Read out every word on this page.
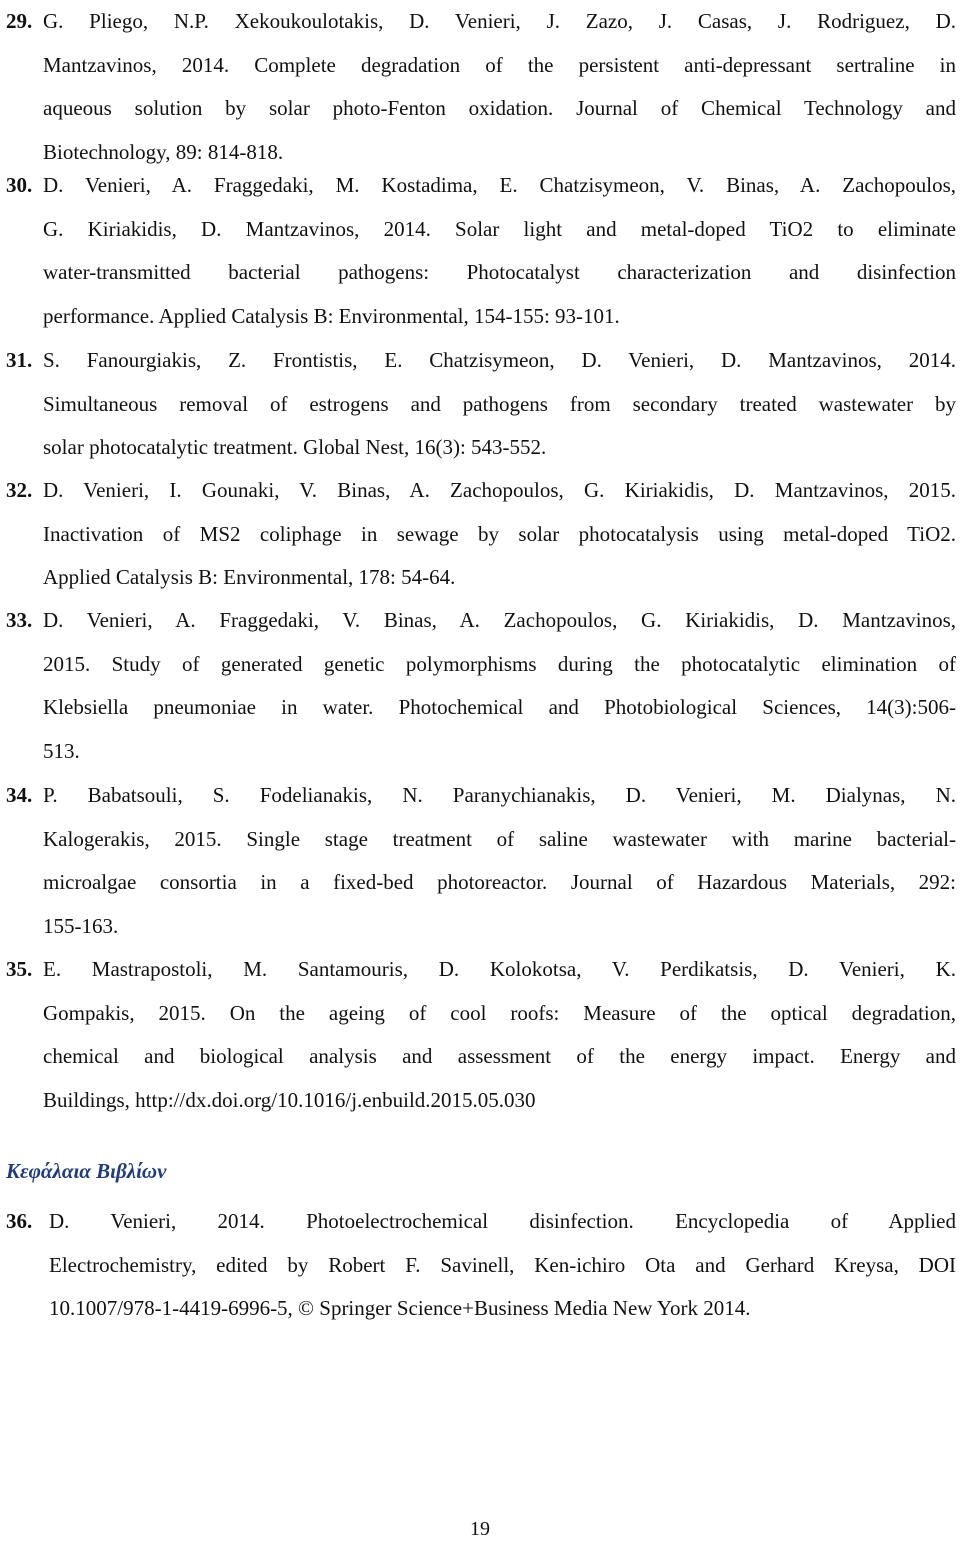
29. G. Pliego, N.P. Xekoukoulotakis, D. Venieri, J. Zazo, J. Casas, J. Rodriguez, D.
Mantzavinos, 2014. Complete degradation of the persistent anti-depressant sertraline in
aqueous solution by solar photo-Fenton oxidation. Journal of Chemical Technology and
Biotechnology, 89: 814-818.
30. D. Venieri, A. Fraggedaki, M. Kostadima, E. Chatzisymeon, V. Binas, A. Zachopoulos,
G. Kiriakidis, D. Mantzavinos, 2014. Solar light and metal-doped TiO2 to eliminate
water-transmitted bacterial pathogens: Photocatalyst characterization and disinfection
performance. Applied Catalysis B: Environmental, 154-155: 93-101.
31. S. Fanourgiakis, Z. Frontistis, E. Chatzisymeon, D. Venieri, D. Mantzavinos, 2014.
Simultaneous removal of estrogens and pathogens from secondary treated wastewater by
solar photocatalytic treatment. Global Nest, 16(3): 543-552.
32. D. Venieri, I. Gounaki, V. Binas, A. Zachopoulos, G. Kiriakidis, D. Mantzavinos, 2015.
Inactivation of MS2 coliphage in sewage by solar photocatalysis using metal-doped TiO2.
Applied Catalysis B: Environmental, 178: 54-64.
33. D. Venieri, A. Fraggedaki, V. Binas, A. Zachopoulos, G. Kiriakidis, D. Mantzavinos,
2015. Study of generated genetic polymorphisms during the photocatalytic elimination of
Klebsiella pneumoniae in water. Photochemical and Photobiological Sciences, 14(3):506-
513.
34. P. Babatsouli, S. Fodelianakis, N. Paranychianakis, D. Venieri, M. Dialynas, N.
Kalogerakis, 2015. Single stage treatment of saline wastewater with marine bacterial-
microalgae consortia in a fixed-bed photoreactor. Journal of Hazardous Materials, 292:
155-163.
35. E. Mastrapostoli, M. Santamouris, D. Kolokotsa, V. Perdikatsis, D. Venieri, K.
Gompakis, 2015. On the ageing of cool roofs: Measure of the optical degradation,
chemical and biological analysis and assessment of the energy impact. Energy and
Buildings, http://dx.doi.org/10.1016/j.enbuild.2015.05.030
Κεφάλαια Βιβλίων
36. D. Venieri, 2014. Photoelectrochemical disinfection. Encyclopedia of Applied
Electrochemistry, edited by Robert F. Savinell, Ken-ichiro Ota and Gerhard Kreysa, DOI
10.1007/978-1-4419-6996-5, © Springer Science+Business Media New York 2014.
19
